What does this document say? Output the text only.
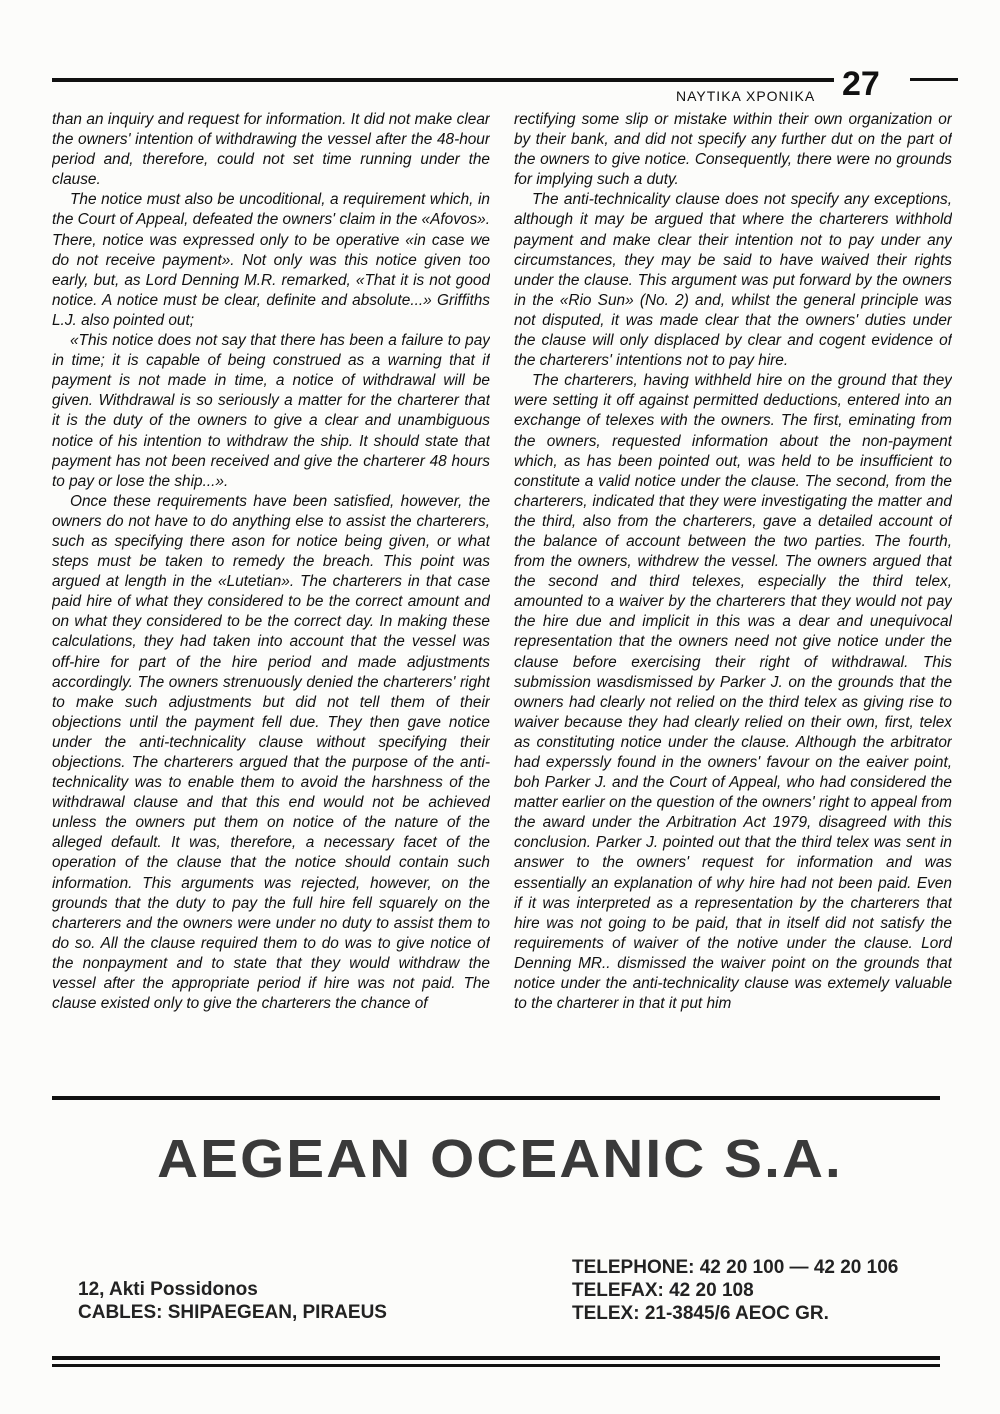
NAYTIKA XPONIKA 27

than an inquiry and request for information. It did not make clear the owners' intention of withdrawing the vessel after the 48-hour period and, therefore, could not set time running under the clause.

The notice must also be uncoditional, a requirement which, in the Court of Appeal, defeated the owners' claim in the «Afovos». There, notice was expressed only to be operative «in case we do not receive payment». Not only was this notice given too early, but, as Lord Denning M.R. remarked, «That it is not good notice. A notice must be clear, definite and absolute...» Griffiths L.J. also pointed out;

«This notice does not say that there has been a failure to pay in time; it is capable of being construed as a warning that if payment is not made in time, a notice of withdrawal will be given. Withdrawal is so seriously a matter for the charterer that it is the duty of the owners to give a clear and unambiguous notice of his intention to withdraw the ship. It should state that payment has not been received and give the charterer 48 hours to pay or lose the ship...».

Once these requirements have been satisfied, however, the owners do not have to do anything else to assist the charterers, such as specifying there ason for notice being given, or what steps must be taken to remedy the breach. This point was argued at length in the «Lutetian». The charterers in that case paid hire of what they considered to be the correct amount and on what they considered to be the correct day. In making these calculations, they had taken into account that the vessel was off-hire for part of the hire period and made adjustments accordingly. The owners strenuously denied the charterers' right to make such adjustments but did not tell them of their objections until the payment fell due. They then gave notice under the anti-technicality clause without specifying their objections. The charterers argued that the purpose of the anti-technicality was to enable them to avoid the harshness of the withdrawal clause and that this end would not be achieved unless the owners put them on notice of the nature of the alleged default. It was, therefore, a necessary facet of the operation of the clause that the notice should contain such information. This arguments was rejected, however, on the grounds that the duty to pay the full hire fell squarely on the charterers and the owners were under no duty to assist them to do so. All the clause required them to do was to give notice of the nonpayment and to state that they would withdraw the vessel after the appropriate period if hire was not paid. The clause existed only to give the charterers the chance of

rectifying some slip or mistake within their own organization or by their bank, and did not specify any further dut on the part of the owners to give notice. Consequently, there were no grounds for implying such a duty.

The anti-technicality clause does not specify any exceptions, although it may be argued that where the charterers withhold payment and make clear their intention not to pay under any circumstances, they may be said to have waived their rights under the clause. This argument was put forward by the owners in the «Rio Sun» (No. 2) and, whilst the general principle was not disputed, it was made clear that the owners' duties under the clause will only displaced by clear and cogent evidence of the charterers' intentions not to pay hire.

The charterers, having withheld hire on the ground that they were setting it off against permitted deductions, entered into an exchange of telexes with the owners. The first, eminating from the owners, requested information about the non-payment which, as has been pointed out, was held to be insufficient to constitute a valid notice under the clause. The second, from the charterers, indicated that they were investigating the matter and the third, also from the charterers, gave a detailed account of the balance of account between the two parties. The fourth, from the owners, withdrew the vessel. The owners argued that the second and third telexes, especially the third telex, amounted to a waiver by the charterers that they would not pay the hire due and implicit in this was a dear and unequivocal representation that the owners need not give notice under the clause before exercising their right of withdrawal. This submission wasdismissed by Parker J. on the grounds that the owners had clearly not relied on the third telex as giving rise to waiver because they had clearly relied on their own, first, telex as constituting notice under the clause. Although the arbitrator had experssly found in the owners' favour on the eaiver point, boh Parker J. and the Court of Appeal, who had considered the matter earlier on the question of the owners' right to appeal from the award under the Arbitration Act 1979, disagreed with this conclusion. Parker J. pointed out that the third telex was sent in answer to the owners' request for information and was essentially an explanation of why hire had not been paid. Even if it was interpreted as a representation by the charterers that hire was not going to be paid, that in itself did not satisfy the requirements of waiver of the notive under the clause. Lord Denning MR.. dismissed the waiver point on the grounds that notice under the anti-technicality clause was extemely valuable to the charterer in that it put him

AEGEAN OCEANIC S.A.
12, Akti Possidonos
CABLES: SHIPAEGEAN, PIRAEUS
TELEPHONE: 42 20 100 — 42 20 106
TELEFAX: 42 20 108
TELEX: 21-3845/6 AEOC GR.
